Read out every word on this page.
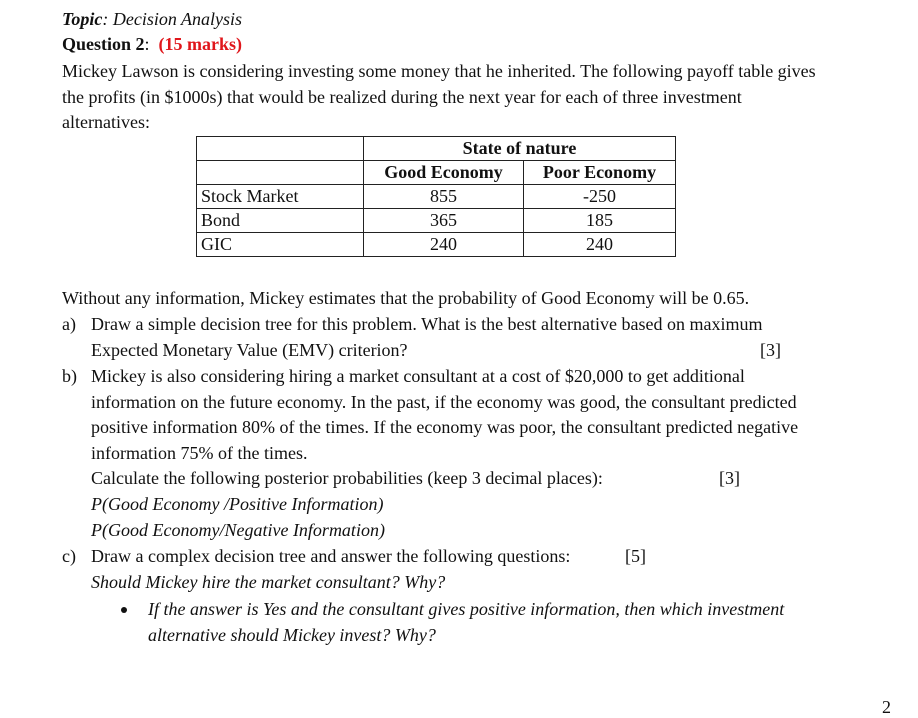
Topic: Decision Analysis
Question 2: (15 marks)
Mickey Lawson is considering investing some money that he inherited. The following payoff table gives
the profits (in $1000s) that would be realized during the next year for each of three investment
alternatives:
	State of nature	
	Good Economy	Poor Economy
Stock Market	855	-250
Bond	365	185
GIC	240	240
Without any information, Mickey estimates that the probability of Good Economy will be 0.65.
a) Draw a simple decision tree for this problem. What is the best alternative based on maximum
Expected Monetary Value (EMV) criterion?	[3]
b) Mickey is also considering hiring a market consultant at a cost of $20,000 to get additional
information on the future economy. In the past, if the economy was good, the consultant predicted
positive information 80% of the times. If the economy was poor, the consultant predicted negative
information 75% of the times.
Calculate the following posterior probabilities (keep 3 decimal places):	[3]
P(Good Economy /Positive Information)
P(Good Economy/Negative Information)
c) Draw a complex decision tree and answer the following questions:	[5]
Should Mickey hire the market consultant? Why?
If the answer is Yes and the consultant gives positive information, then which investment
alternative should Mickey invest? Why?
2
